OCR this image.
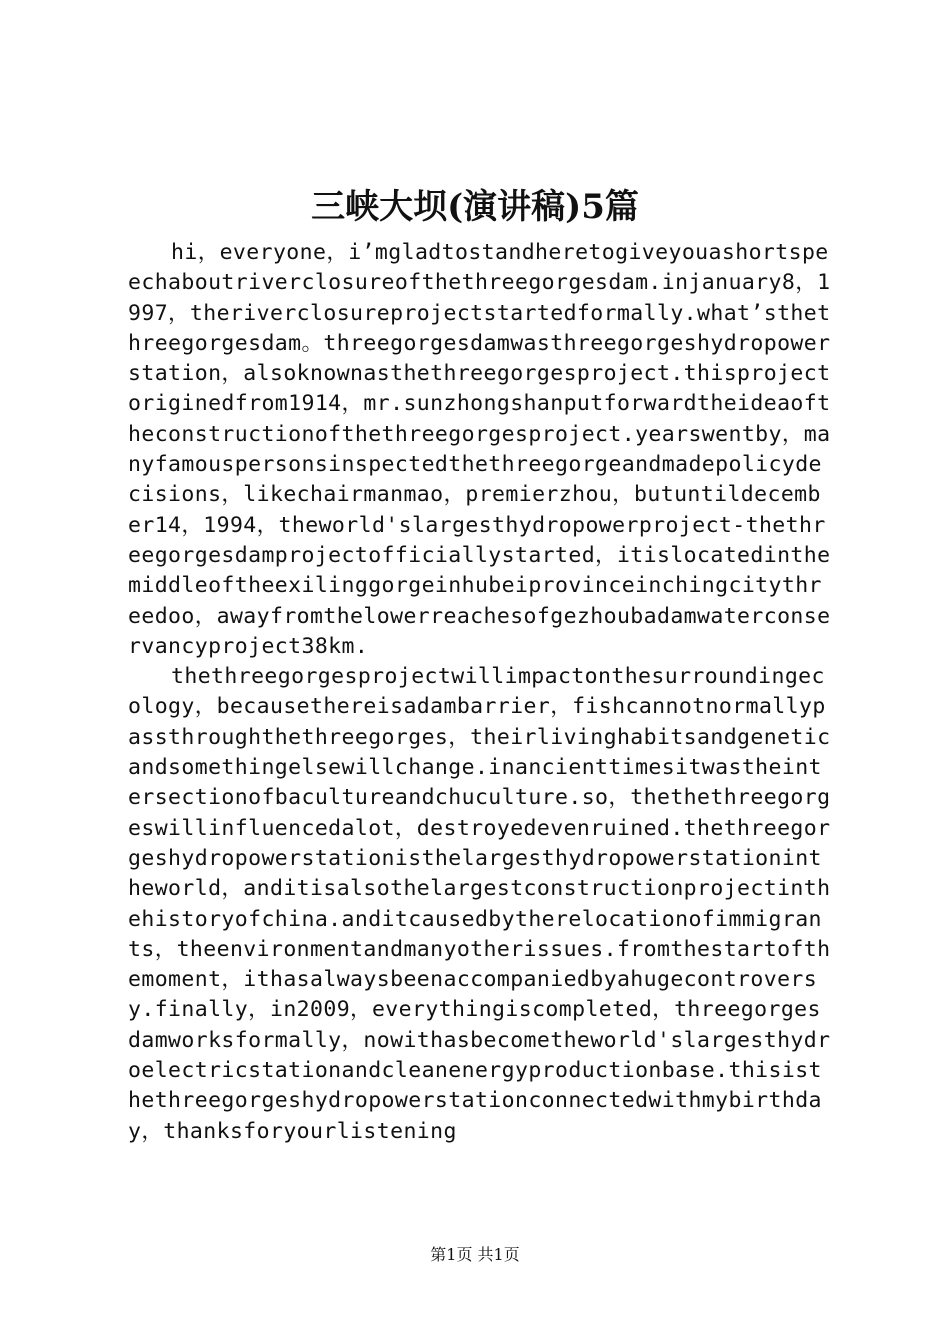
三峡大坝(演讲稿)5篇

hi，everyone，i’mgladtostandheretogiveyouashortspeechaboutriverclosureofthethreegorgesdam.injanuary8，1997，theriverclosureprojectstartedformally.what’sthethreegorgesdam。threegorgesdamwasthreegorgeshydropowerstation，alsoknownasthethreegorgesproject.thisprojectoriginedfrom1914，mr.sunzhongshanputforwardtheideaoftheconstructionofthethreegorgesproject.yearswentby，manyfamouspersonsinspectedthethreegorgeandmadepolicydecisions，likechairmanmao，premierzhou，butuntildecember14，1994，theworld'slargesthydropowerproject-thethreegorgesdamprojectofficiallystarted，itislocatedinthemiddleoftheexilinggorgeinhubeiprovinceinchingcitythreedoo，awayfromthelowerreachesofgezhoubadamwaterconservancyproject38km.

thethreegorgesprojectwillimpactonthesurroundingecology，becausethereisadambarrier，fishcannotnormallypassthroughthethreegorges，theirlivinghabitsandgeneticandsomethingelsewillchange.inancienttimesitwastheintersectionofbacultureandchuculture.so，thethethreegorgeswillinfluencedalot，destroyedevenruined.thethreegorgeshydropowerstationisthelargesthydropowerstationintheworld，anditisalsothelargestconstructionprojectinthehistoryofchina.anditcausedbytherelocationofimmigrants，theenvironmentandmanyotherissues.fromthestartofthemoment，ithasalwaysbeenaccompaniedbyahugecontroversy.finally，in2009，everythingiscompleted，threegorgesdamworksformally，nowithasbecometheworld'slargesthydroelectricstationandcleanenergyproductionbase.thisisthethreegorgeshydropowerstationconnectedwithmybirthday，thanksforyourlistening

第1页 共1页
